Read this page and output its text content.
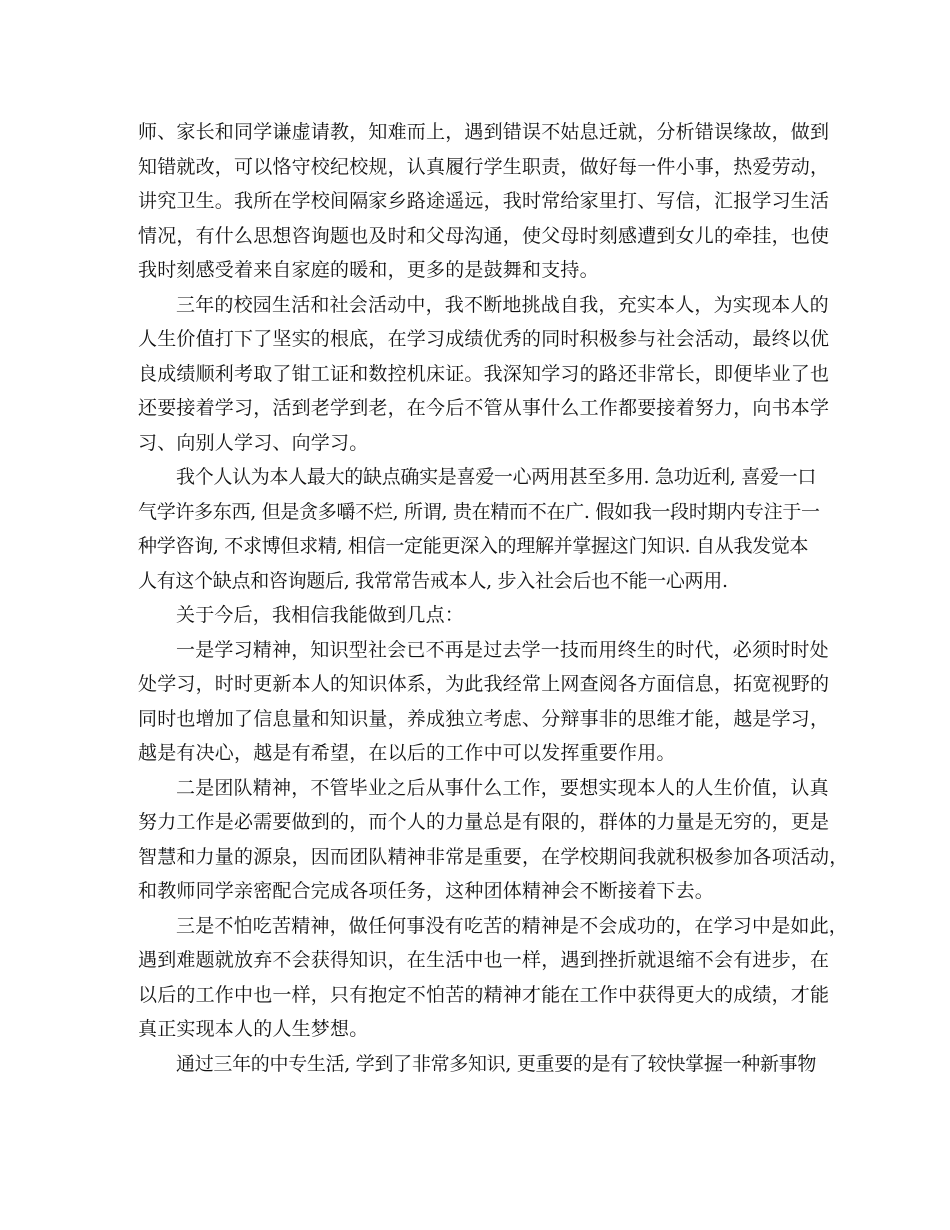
师、家长和同学谦虚请教，知难而上，遇到错误不姑息迁就，分析错误缘故，做到
知错就改，可以恪守校纪校规，认真履行学生职责，做好每一件小事，热爱劳动，
讲究卫生。我所在学校间隔家乡路途遥远，我时常给家里打、写信，汇报学习生活
情况，有什么思想咨询题也及时和父母沟通，使父母时刻感遭到女儿的牵挂，也使
我时刻感受着来自家庭的暖和，更多的是鼓舞和支持。
三年的校园生活和社会活动中，我不断地挑战自我，充实本人，为实现本人的
人生价值打下了坚实的根底，在学习成绩优秀的同时积极参与社会活动，最终以优
良成绩顺利考取了钳工证和数控机床证。我深知学习的路还非常长，即便毕业了也
还要接着学习，活到老学到老，在今后不管从事什么工作都要接着努力，向书本学
习、向别人学习、向学习。
我个人认为本人最大的缺点确实是喜爱一心两用甚至多用. 急功近利, 喜爱一口
气学许多东西, 但是贪多嚼不烂, 所谓, 贵在精而不在广. 假如我一段时期内专注于一
种学咨询, 不求博但求精, 相信一定能更深入的理解并掌握这门知识. 自从我发觉本
人有这个缺点和咨询题后, 我常常告戒本人, 步入社会后也不能一心两用.
关于今后，我相信我能做到几点：
一是学习精神，知识型社会已不再是过去学一技而用终生的时代，必须时时处
处学习，时时更新本人的知识体系，为此我经常上网查阅各方面信息，拓宽视野的
同时也增加了信息量和知识量，养成独立考虑、分辩事非的思维才能，越是学习，
越是有决心，越是有希望，在以后的工作中可以发挥重要作用。
二是团队精神，不管毕业之后从事什么工作，要想实现本人的人生价值，认真
努力工作是必需要做到的，而个人的力量总是有限的，群体的力量是无穷的，更是
智慧和力量的源泉，因而团队精神非常是重要，在学校期间我就积极参加各项活动，
和教师同学亲密配合完成各项任务，这种团体精神会不断接着下去。
三是不怕吃苦精神，做任何事没有吃苦的精神是不会成功的，在学习中是如此，
遇到难题就放弃不会获得知识，在生活中也一样，遇到挫折就退缩不会有进步，在
以后的工作中也一样，只有抱定不怕苦的精神才能在工作中获得更大的成绩，才能
真正实现本人的人生梦想。
通过三年的中专生活, 学到了非常多知识, 更重要的是有了较快掌握一种新事物
